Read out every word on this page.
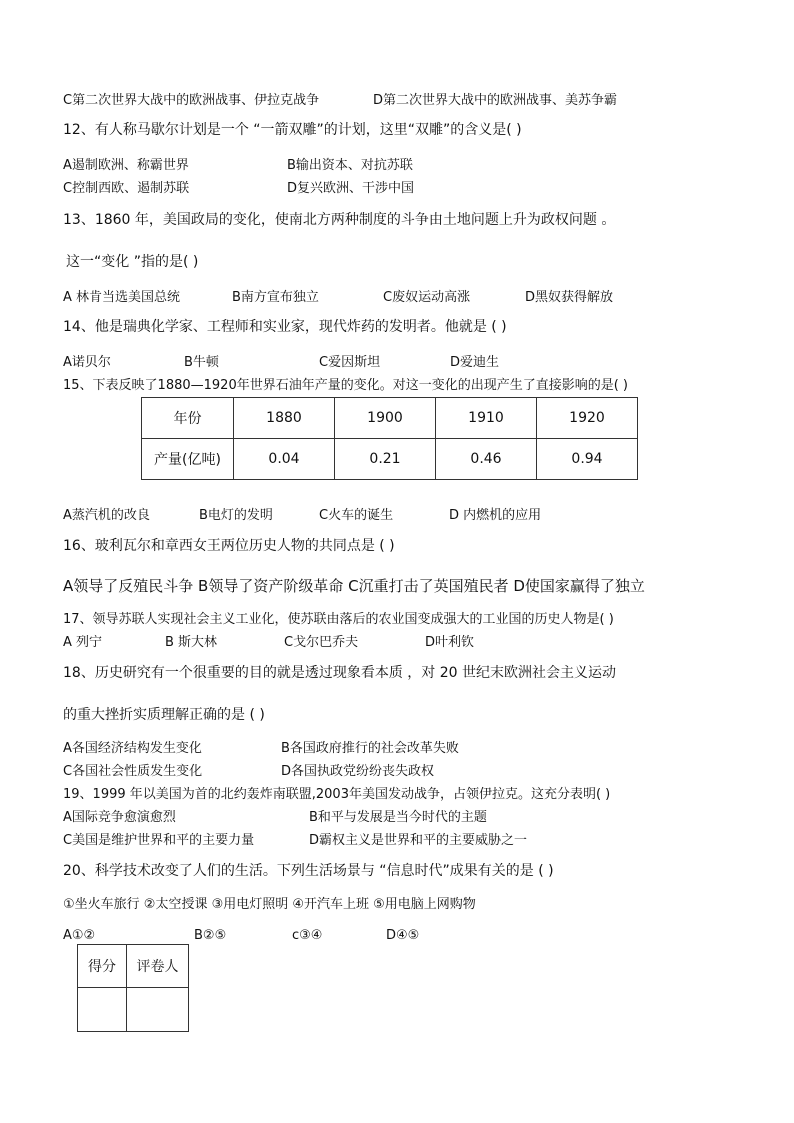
C第二次世界大战中的欧洲战事、伊拉克战争	D第二次世界大战中的欧洲战事、美苏争霸
12、有人称马歇尔计划是一个 “一箭双雕”的计划，这里“双雕”的含义是( )
A遏制欧洲、称霸世界	B输出资本、对抗苏联
C控制西欧、遏制苏联	D复兴欧洲、干涉中国
13、1860 年，美国政局的变化，使南北方两种制度的斗争由土地问题上升为政权问题 。
这一“变化 ”指的是( )
A 林肯当选美国总统	B南方宣布独立	C废奴运动高涨	D黑奴获得解放
14、他是瑞典化学家、工程师和实业家，现代炸药的发明者。他就是 ( )
A诺贝尔	B牛顿	C爱因斯坦	D爱迪生
15、下表反映了1880—1920年世界石油年产量的变化。对这一变化的出现产生了直接影响的是( )
年份	1880	1900	1910	1920
产量(亿吨)	0.04	0.21	0.46	0.94
A蒸汽机的改良	B电灯的发明	C火车的诞生	D 内燃机的应用
16、玻利瓦尔和章西女王两位历史人物的共同点是 ( )
A领导了反殖民斗争 B领导了资产阶级革命 C沉重打击了英国殖民者 D使国家赢得了独立
17、领导苏联人实现社会主义工业化，使苏联由落后的农业国变成强大的工业国的历史人物是( )
A 列宁	B 斯大林	C戈尔巴乔夫	D叶利钦
18、历史研究有一个很重要的目的就是透过现象看本质 ，对 20 世纪末欧洲社会主义运动
的重大挫折实质理解正确的是 ( )
A各国经济结构发生变化	B各国政府推行的社会改革失败
C各国社会性质发生变化	D各国执政党纷纷丧失政权
19、1999 年以美国为首的北约轰炸南联盟,2003年美国发动战争，占领伊拉克。这充分表明( )
A国际竞争愈演愈烈	B和平与发展是当今时代的主题
C美国是维护世界和平的主要力量	D霸权主义是世界和平的主要威胁之一
20、科学技术改变了人们的生活。下列生活场景与 “信息时代”成果有关的是 ( )
①坐火车旅行 ②太空授课 ③用电灯照明 ④开汽车上班 ⑤用电脑上网购物
A①②	B②⑤	c③④	D④⑤
得分	评卷人
